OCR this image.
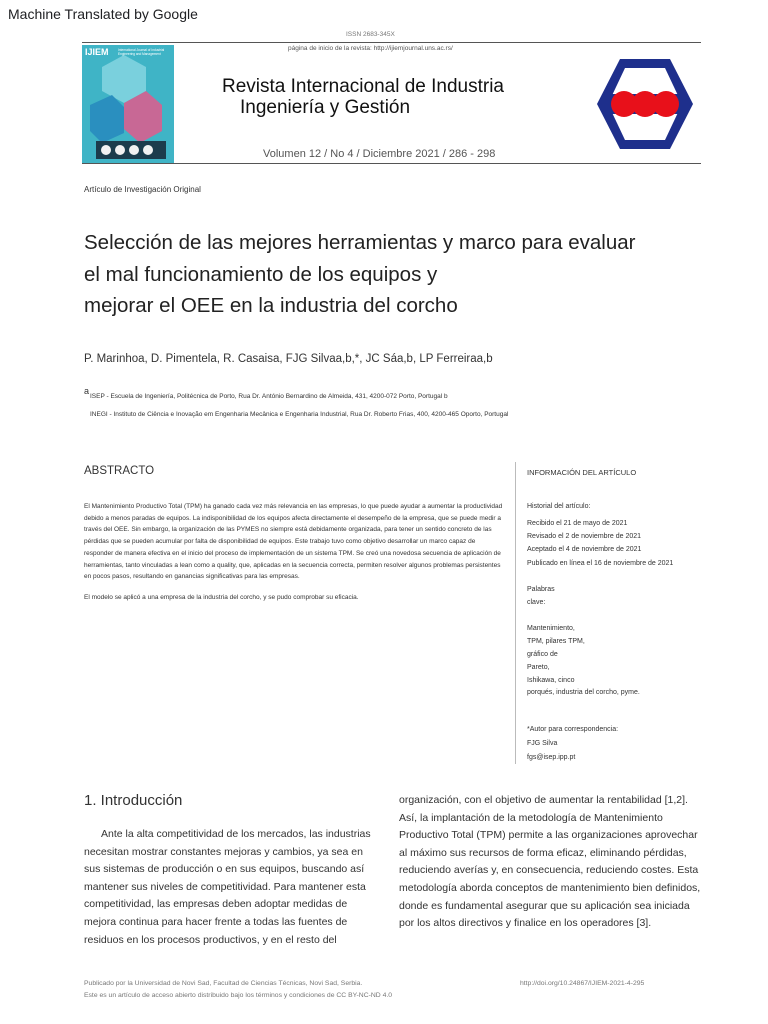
Machine Translated by Google
ISSN 2683-345X
página de inicio de la revista: http://ijiemjournal.uns.ac.rs/
IJIEM	International Journal of Industrial Engineering and Management
Revista Internacional de Industria
Ingeniería y Gestión
Volumen 12 / No 4 / Diciembre 2021 / 286 - 298
Artículo de Investigación Original
Selección de las mejores herramientas y marco para evaluar
el mal funcionamiento de los equipos y
mejorar el OEE en la industria del corcho
P. Marinhoa, D. Pimentela, R. Casaisa, FJG Silvaa,b,*, JC Sáa,b, LP Ferreiraa,b
a
ISEP - Escuela de Ingeniería, Politécnica de Porto, Rua Dr. António Bernardino de Almeida, 431, 4200-072 Porto, Portugal b
INEGI - Instituto de Ciência e Inovação em Engenharia Mecânica e Engenharia Industrial, Rua Dr. Roberto Frias, 400, 4200-465 Oporto, Portugal
ABSTRACTO

El Mantenimiento Productivo Total (TPM) ha ganado cada vez más relevancia en las empresas, lo que puede ayudar a aumentar la productividad debido a menos paradas de equipos. La indisponibilidad de los equipos afecta directamente el desempeño de la empresa, que se puede medir a través del OEE. Sin embargo, la organización de las PYMES no siempre está debidamente organizada, para tener un sentido concreto de las pérdidas que se pueden acumular por falta de disponibilidad de equipos. Este trabajo tuvo como objetivo desarrollar un marco capaz de responder de manera efectiva en el inicio del proceso de implementación de un sistema TPM. Se creó una novedosa secuencia de aplicación de herramientas, tanto vinculadas a lean como a quality, que, aplicadas en la secuencia correcta, permiten resolver algunos problemas persistentes en pocos pasos, resultando en ganancias significativas para las empresas.

El modelo se aplicó a una empresa de la industria del corcho, y se pudo comprobar su eficacia.

INFORMACIÓN DEL ARTÍCULO
Historial del artículo:
Recibido el 21 de mayo de 2021
Revisado el 2 de noviembre de 2021
Aceptado el 4 de noviembre de 2021
Publicado en línea el 16 de noviembre de 2021
Palabras
clave:
Mantenimiento,
TPM, pilares TPM,
gráfico de
Pareto,
Ishikawa, cinco
porqués, industria del corcho, pyme.
*Autor para correspondencia:
FJG Silva
fgs@isep.ipp.pt
1. Introducción
Ante la alta competitividad de los mercados, las industrias necesitan mostrar constantes mejoras y cambios, ya sea en sus sistemas de producción o en sus equipos, buscando así mantener sus niveles de competitividad. Para mantener esta competitividad, las empresas deben adoptar medidas de mejora continua para hacer frente a todas las fuentes de residuos en los procesos productivos, y en el resto del
organización, con el objetivo de aumentar la rentabilidad [1,2]. Así, la implantación de la metodología de Mantenimiento Productivo Total (TPM) permite a las organizaciones aprovechar al máximo sus recursos de forma eficaz, eliminando pérdidas, reduciendo averías y, en consecuencia, reduciendo costes. Esta metodología aborda conceptos de mantenimiento bien definidos, donde es fundamental asegurar que su aplicación sea iniciada por los altos directivos y finalice en los operadores [3].
Publicado por la Universidad de Novi Sad, Facultad de Ciencias Técnicas, Novi Sad, Serbia.
Este es un artículo de acceso abierto distribuido bajo los términos y condiciones de CC BY-NC-ND 4.0
http://doi.org/10.24867/IJIEM-2021-4-295
